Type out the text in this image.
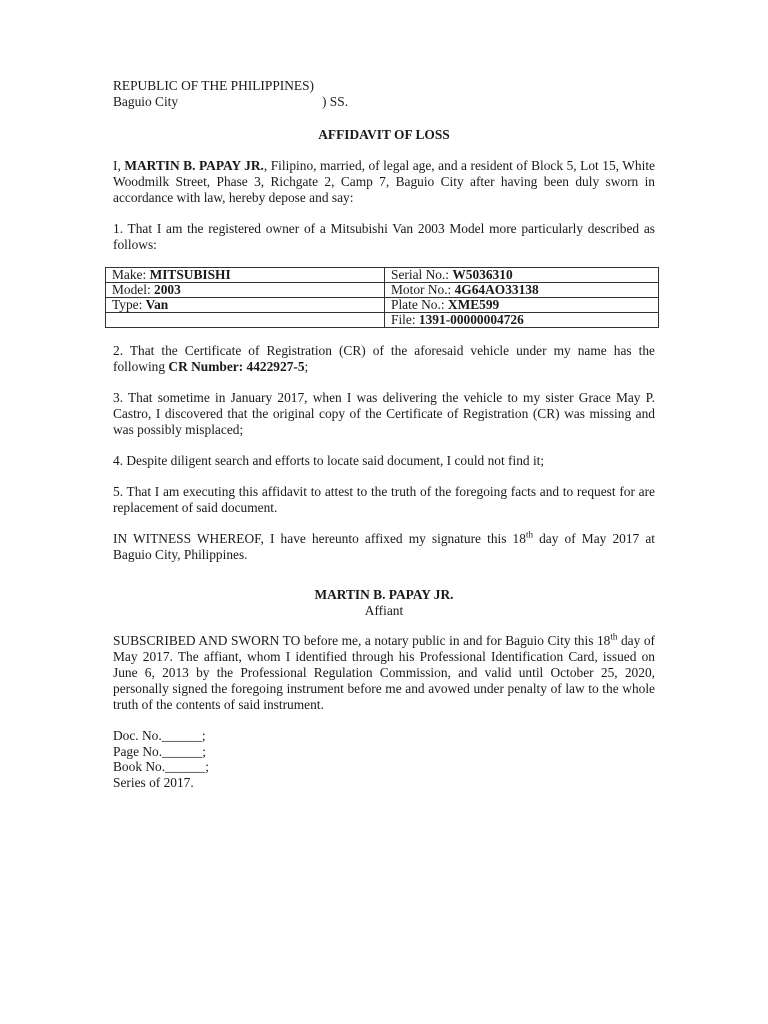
REPUBLIC OF THE PHILIPPINES)

Baguio City	) SS.
AFFIDAVIT OF LOSS

I, MARTIN B. PAPAY JR., Filipino, married, of legal age, and a resident of Block 5, Lot 15, White Woodmilk Street, Phase 3, Richgate 2, Camp 7, Baguio City after having been duly sworn in accordance with law, hereby depose and say:

1. That I am the registered owner of a Mitsubishi Van 2003 Model more particularly described as follows:

Make: MITSUBISHI	Serial No.: W5036310
Model: 2003	Motor No.: 4G64AO33138
Type: Van	Plate No.: XME599
	File: 1391-00000004726

2. That the Certificate of Registration (CR) of the aforesaid vehicle under my name has the following CR Number: 4422927-5;

3. That sometime in January 2017, when I was delivering the vehicle to my sister Grace May P. Castro, I discovered that the original copy of the Certificate of Registration (CR) was missing and was possibly misplaced;

4. Despite diligent search and efforts to locate said document, I could not find it;

5. That I am executing this affidavit to attest to the truth of the foregoing facts and to request for are replacement of said document.

IN WITNESS WHEREOF, I have hereunto affixed my signature this 18th day of May 2017 at Baguio City, Philippines.

MARTIN B. PAPAY JR.
Affiant

SUBSCRIBED AND SWORN TO before me, a notary public in and for Baguio City this 18th day of May 2017. The affiant, whom I identified through his Professional Identification Card, issued on June 6, 2013 by the Professional Regulation Commission, and valid until October 25, 2020, personally signed the foregoing instrument before me and avowed under penalty of law to the whole truth of the contents of said instrument.

Doc. No.______;

Page No.______;

Book No.______;

Series of 2017.
